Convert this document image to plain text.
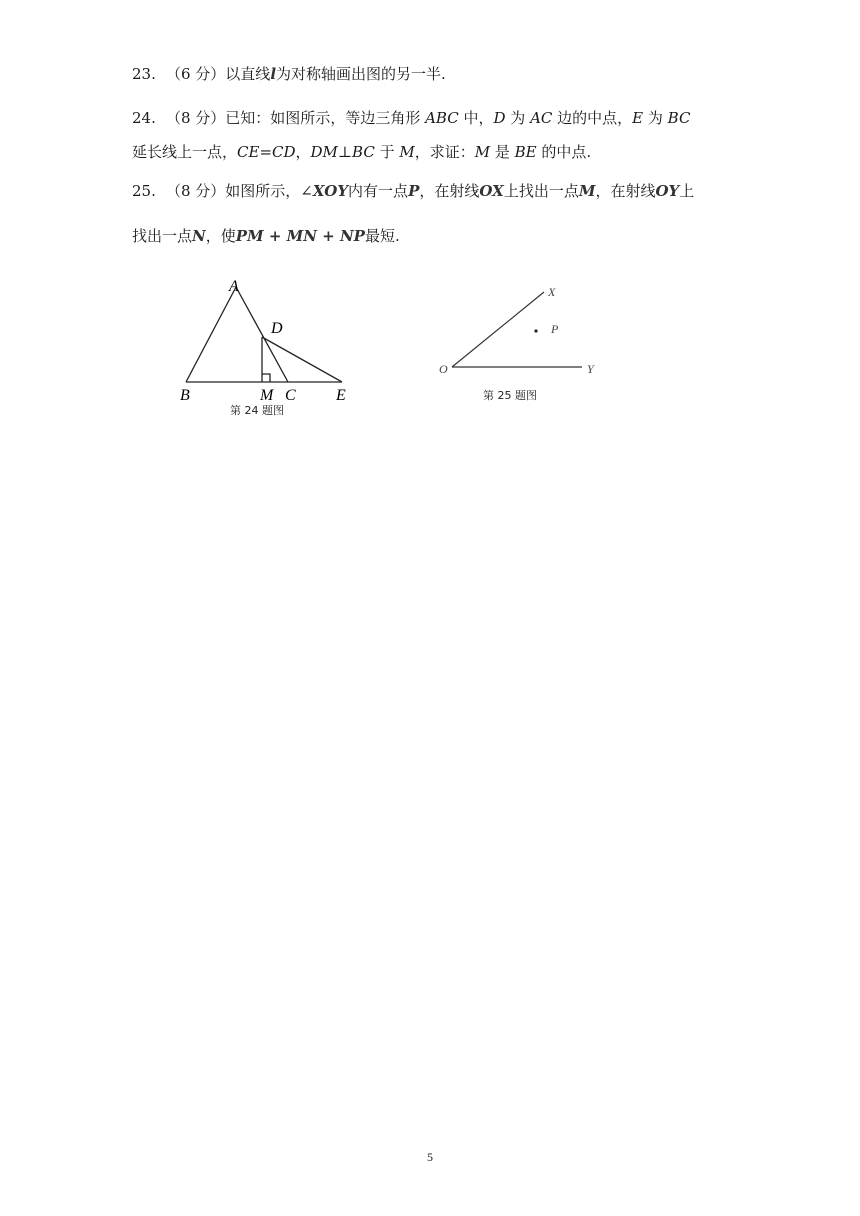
23. （6 分）以直线l为对称轴画出图的另一半.
24. （8 分）已知：如图所示，等边三角形 ABC 中，D 为 AC 边的中点，E 为 BC
延长线上一点，CE=CD，DM⊥BC 于 M，求证：M 是 BE 的中点.
25. （8 分）如图所示，∠XOY内有一点P，在射线OX上找出一点M，在射线OY上
找出一点N，使PM + MN + NP最短.
A
D
B	M C	E
第 24 题图
X
P
O	Y
第 25 题图
5
